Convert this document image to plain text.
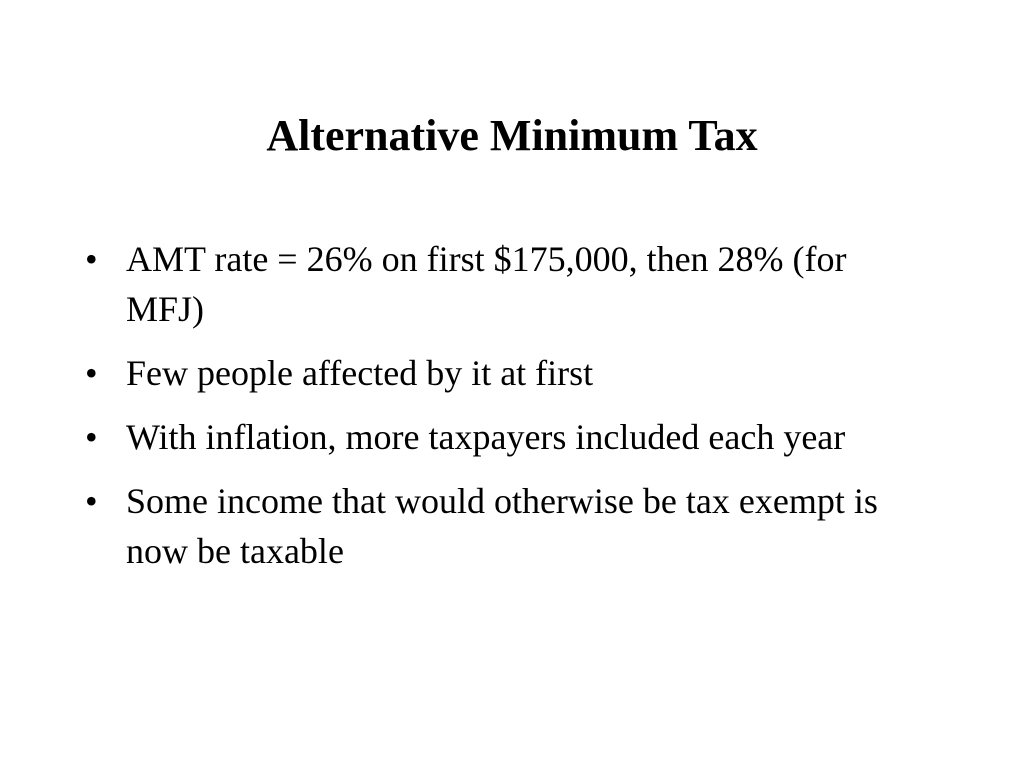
Alternative Minimum Tax
• AMT rate = 26% on first $175,000, then 28% (for MFJ)
• Few people affected by it at first
• With inflation, more taxpayers included each year
• Some income that would otherwise be tax exempt is now be taxable
